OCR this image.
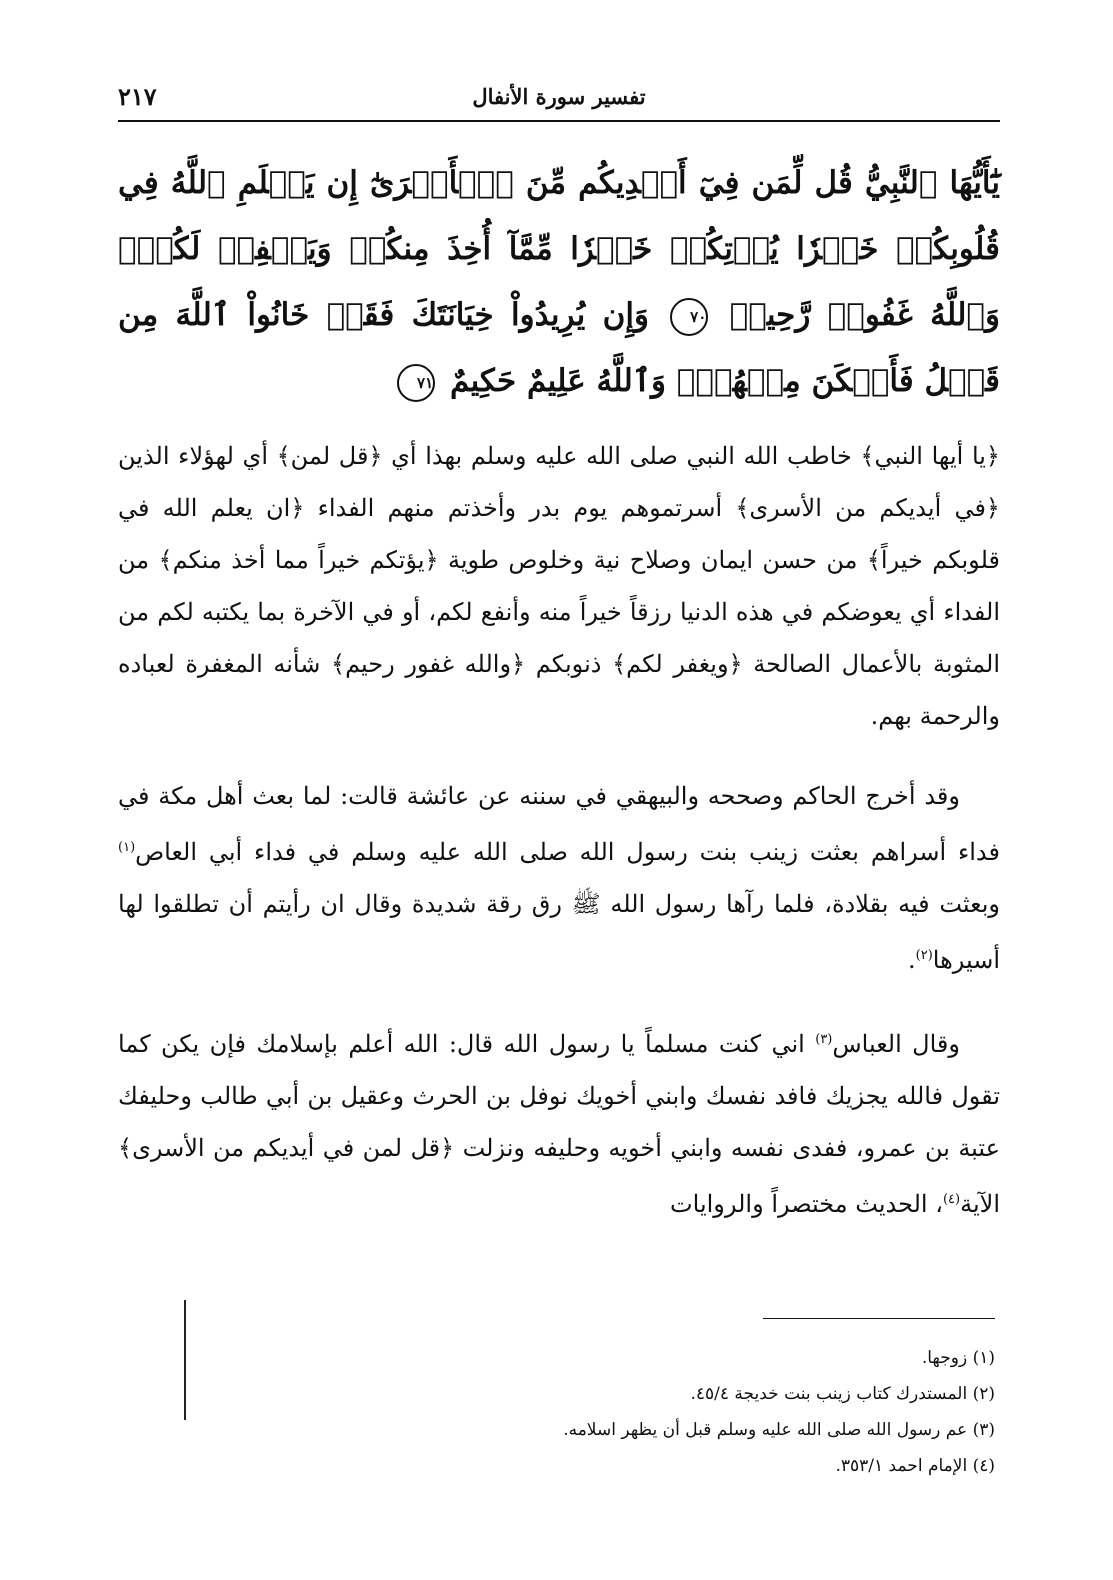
تفسير سورة الأنفال
٢١٧
يَٰٓأَيُّهَا ٱلنَّبِيُّ قُل لِّمَن فِيٓ أَيۡدِيكُم مِّنَ ٱلۡأَسۡرَىٰٓ إِن يَعۡلَمِ ٱللَّهُ فِي قُلُوبِكُمۡ خَيۡرٗا يُؤۡتِكُمۡ خَيۡرٗا مِّمَّآ أُخِذَ مِنكُمۡ وَيَغۡفِرۡ لَكُمۡۚ وَٱللَّهُ غَفُورٞ رَّحِيمٞ ٧٠ وَإِن يُرِيدُواْ خِيَانَتَكَ فَقَدۡ خَانُواْ ٱللَّهَ مِن قَبۡلُ فَأَمۡكَنَ مِنۡهُمۡۗ وَٱللَّهُ عَلِيمٌ حَكِيمٌ ٧١

﴿يا أيها النبي﴾ خاطب الله النبي صلى الله عليه وسلم بهذا أي ﴿قل لمن﴾ أي لهؤلاء الذين ﴿في أيديكم من الأسرى﴾ أسرتموهم يوم بدر وأخذتم منهم الفداء ﴿ان يعلم الله في قلوبكم خيراً﴾ من حسن ايمان وصلاح نية وخلوص طوية ﴿يؤتكم خيراً مما أخذ منكم﴾ من الفداء أي يعوضكم في هذه الدنيا رزقاً خيراً منه وأنفع لكم، أو في الآخرة بما يكتبه لكم من المثوبة بالأعمال الصالحة ﴿ويغفر لكم﴾ ذنوبكم ﴿والله غفور رحيم﴾ شأنه المغفرة لعباده والرحمة بهم.

وقد أخرج الحاكم وصححه والبيهقي في سننه عن عائشة قالت: لما بعث أهل مكة في فداء أسراهم بعثت زينب بنت رسول الله صلى الله عليه وسلم في فداء أبي العاص$^{(١)}$ وبعثت فيه بقلادة، فلما رآها رسول الله ﷺ رق رقة شديدة وقال ان رأيتم أن تطلقوا لها أسيرها$^{(٢)}$.

وقال العباس$^{(٣)}$ اني كنت مسلماً يا رسول الله قال: الله أعلم بإسلامك فإن يكن كما تقول فالله يجزيك فافد نفسك وابني أخويك نوفل بن الحرث وعقيل بن أبي طالب وحليفك عتبة بن عمرو، ففدى نفسه وابني أخويه وحليفه ونزلت ﴿قل لمن في أيديكم من الأسرى﴾ الآية$^{(٤)}$، الحديث مختصراً والروايات

(١) زوجها.
(٢) المستدرك كتاب زينب بنت خديجة ٤٥/٤.
(٣) عم رسول الله صلى الله عليه وسلم قبل أن يظهر اسلامه.
(٤) الإمام احمد ٣٥٣/١.
